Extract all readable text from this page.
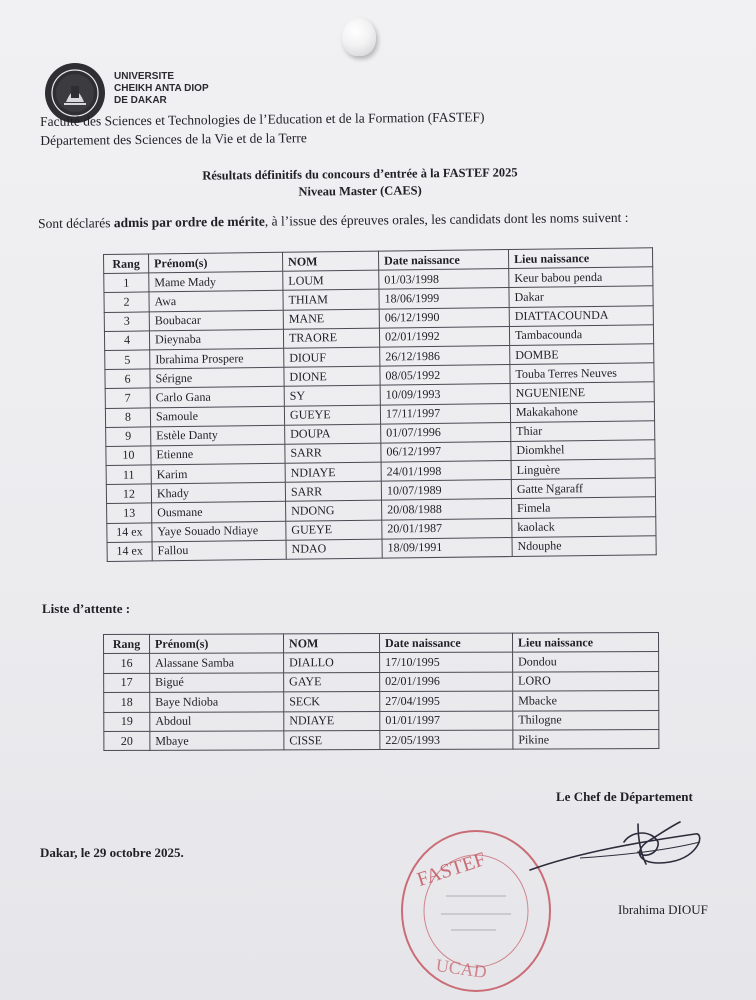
UNIVERSITE
CHEIKH ANTA DIOP
DE DAKAR
Faculté des Sciences et Technologies de l’Education et de la Formation (FASTEF)
Département des Sciences de la Vie et de la Terre
Résultats définitifs du concours d’entrée à la FASTEF 2025
Niveau Master (CAES)
Sont déclarés admis par ordre de mérite, à l’issue des épreuves orales, les candidats dont les noms suivent :
Rang	Prénom(s)	NOM	Date naissance	Lieu naissance
1	Mame Mady	LOUM	01/03/1998	Keur babou penda
2	Awa	THIAM	18/06/1999	Dakar
3	Boubacar	MANE	06/12/1990	DIATTACOUNDA
4	Dieynaba	TRAORE	02/01/1992	Tambacounda
5	Ibrahima Prospere	DIOUF	26/12/1986	DOMBE
6	Sérigne	DIONE	08/05/1992	Touba Terres Neuves
7	Carlo Gana	SY	10/09/1993	NGUENIENE
8	Samoule	GUEYE	17/11/1997	Makakahone
9	Estèle Danty	DOUPA	01/07/1996	Thiar
10	Etienne	SARR	06/12/1997	Diomkhel
11	Karim	NDIAYE	24/01/1998	Linguère
12	Khady	SARR	10/07/1989	Gatte Ngaraff
13	Ousmane	NDONG	20/08/1988	Fimela
14 ex	Yaye Souado Ndiaye	GUEYE	20/01/1987	kaolack
14 ex	Fallou	NDAO	18/09/1991	Ndouphe
Liste d’attente :
Rang	Prénom(s)	NOM	Date naissance	Lieu naissance
16	Alassane Samba	DIALLO	17/10/1995	Dondou
17	Bigué	GAYE	02/01/1996	LORO
18	Baye Ndioba	SECK	27/04/1995	Mbacke
19	Abdoul	NDIAYE	01/01/1997	Thilogne
20	Mbaye	CISSE	22/05/1993	Pikine
Le Chef de Département
Dakar, le 29 octobre 2025.	FASTEF
UCAD
Ibrahima DIOUF
